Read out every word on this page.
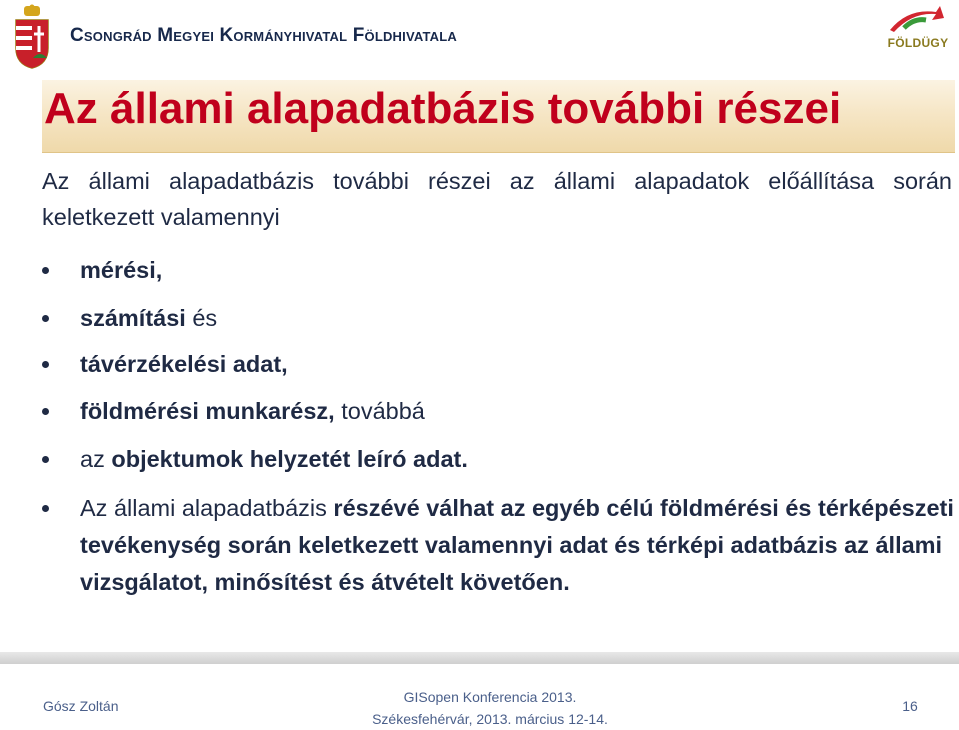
Csongrád Megyei Kormányhivatal Földhivatala	FÖLDÜGY
Az állami alapadatbázis további részei
Az állami alapadatbázis további részei az állami alapadatok előállítása során keletkezett valamennyi
mérési,
számítási és
távérzékelési adat,
földmérési munkarész, továbbá
az objektumok helyzetét leíró adat.
Az állami alapadatbázis részévé válhat az egyéb célú földmérési és térképészeti tevékenység során keletkezett valamennyi adat és térképi adatbázis az állami vizsgálatot, minősítést és átvételt követően.
Gósz Zoltán
GISopen Konferencia 2013.
Székesfehérvár, 2013. március 12-14.
16
